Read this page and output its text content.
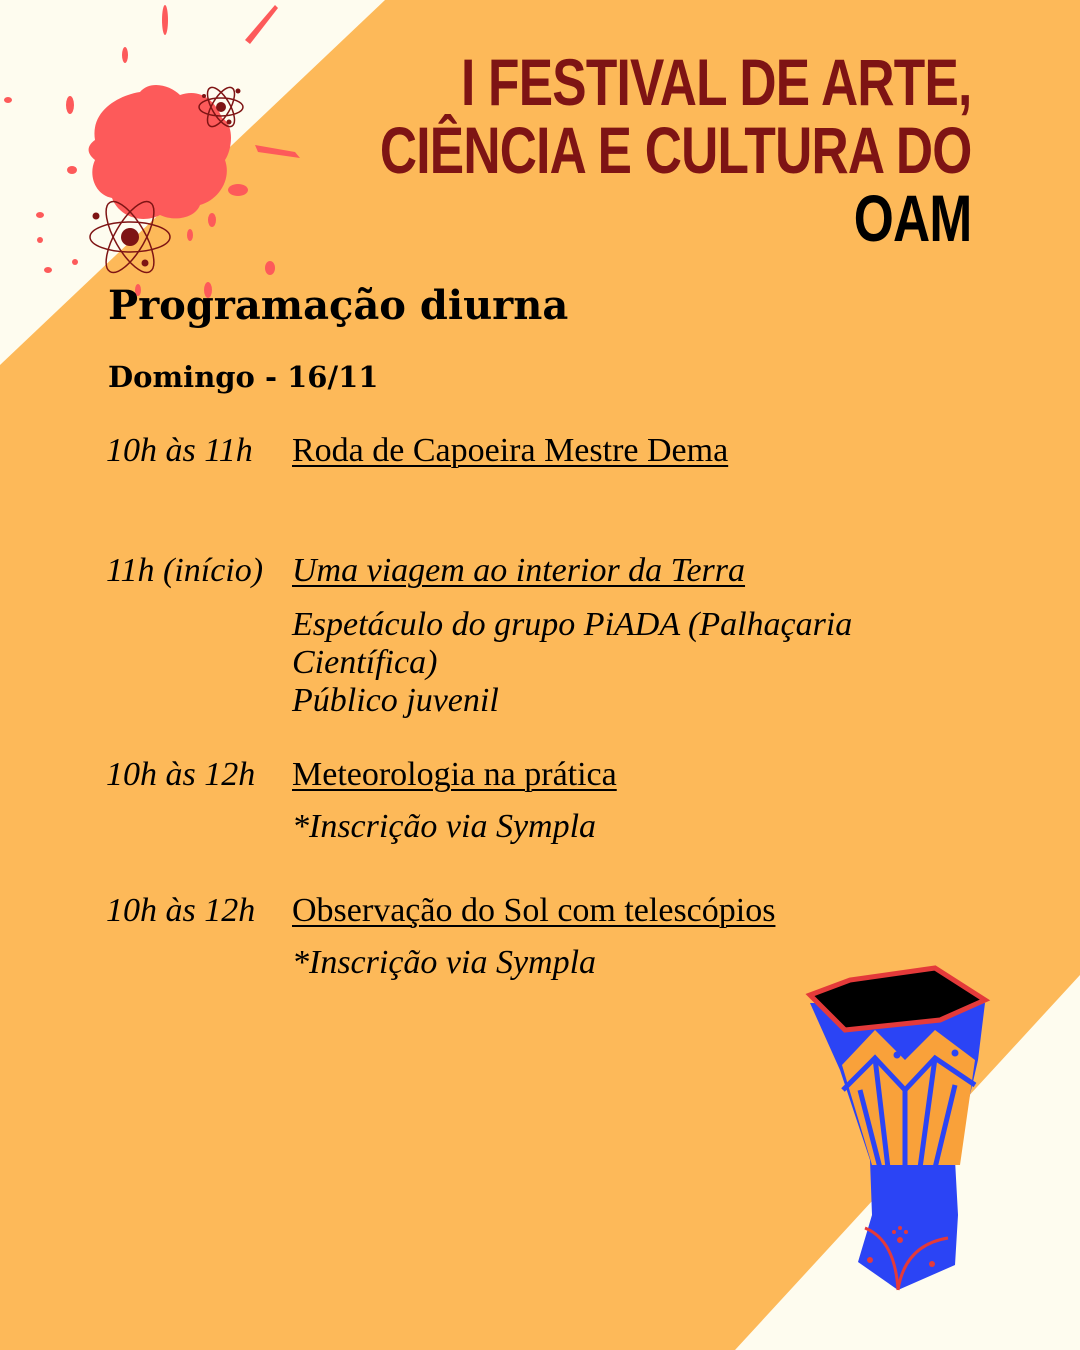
I FESTIVAL DE ARTE,
CIÊNCIA E CULTURA DO
OAM
Programação diurna
Domingo - 16/11
10h às 11h Roda de Capoeira Mestre Dema
11h (início) Uma viagem ao interior da Terra
Espetáculo do grupo PiADA (Palhaçaria
Científica)
Público juvenil
10h às 12h Meteorologia na prática
*Inscrição via Sympla
10h às 12h Observação do Sol com telescópios
*Inscrição via Sympla
